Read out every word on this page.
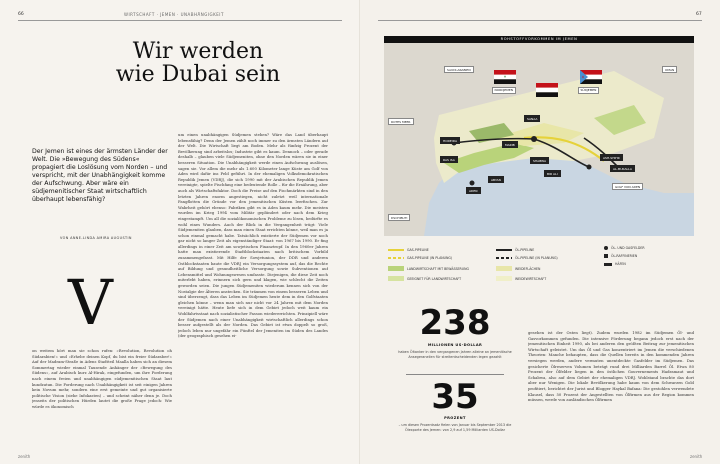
66	WIRTSCHAFT · JEMEN · UNABHÄNGIGKEIT
Wir werden
wie Dubai sein
Der Jemen ist eines der ärmsten Länder der Welt. Die »Bewegung des Südens« propagiert die Loslösung vom Norden – und verspricht, mit der Unabhängigkeit komme der Aufschwung. Aber wäre ein südjemenitischer Staat wirtschaftlich überhaupt lebensfähig?
VON ANNE-LINDA AMIRA AUGUSTIN
V
on weitem hört man sie schon rufen: »Revolution, Revolution oh Südarabien!« und »Erhebe deinen Kopf, du bist ein freier Südaraber!« Auf der Madram-Straße in Adens Stadtteil Maalla haben sich an diesem Sommertag wieder einmal Tausende Anhänger der »Bewegung des Südens«, auf Arabisch kurz Al-Hirak, eingefunden, um ihre Forderung nach einem freien und unabhängigen südjemenitischen Staat laut kundzutun. Die Forderung nach Unabhängigkeit ist seit einigen Jahren kein Novum mehr, sondern eine erst gemeinte und gut organisierte politische Vision (siehe Infokasten) – und scheint näher denn je. Doch jenseits der politischen Hürden lautet die große Frage jedoch: Wie würde es ökonomisch
um einen unabhängigen Südjemen stehen? Wäre das Land überhaupt lebensfähig? Denn der Jemen zählt noch immer zu den ärmsten Ländern auf der Welt. Die Wirtschaft liegt am Boden. Mehr als fünfzig Prozent der Bevölkerung sind arbeitslos; Industrie gibt es kaum. Dennoch – oder gerade deshalb – glauben viele Südjemeniten, ohne den Norden wären sie in einer besseren Situation. Die Unabhängigkeit werde einen Aufschwung auslösen, sagen sie. Vor allem die mehr als 1.600 Kilometer lange Küste am Golf von Aden wird dafür ins Feld geführt. In der ehemaligen Volksdemokratischen Republik Jemen (VDRJ), die sich 1990 mit der Arabischen Republik Jemen vereinigte, spielte Fischfang eine bedeutende Rolle – für die Ernährung, aber auch als Wirtschaftsfaktor. Doch die Preise auf den Fischmärkten sind in den letzten Jahren enorm angestiegen, nicht zuletzt weil internationale Fangflotten die Gründe vor den jemenitischen Küsten leerfischen. Zur Wahrheit gehört ebenso: Fabriken gibt es in Aden kaum mehr. Die meisten wurden im Krieg 1994 vom Militär geplündert oder nach dem Krieg eingestampft. Um all die sozialökonomischen Probleme zu lösen, bedürfte es wohl eines Wunders. Auch der Blick in die Vergangenheit trügt: Viele Südjemeniten glauben, dass man einen Staat errichten könne, weil man es ja schon einmal gemacht habe. Tatsächlich existierte der Südjemen vor noch gar nicht so langer Zeit als eigenständiger Staat: von 1967 bis 1990. Er fing allerdings in einer Zeit am sowjetischen Finanztropf. In den 1960er Jahren hatte man existierende Stadtblockstaaten nach britischem Vorbild zusammengefasst. Mit Hilfe der Sowjetunion, der DDR und anderen Ostblockstaaten baute die VDRJ ein Versorgungssystem auf, das die Rechte auf Bildung und gesundheitliche Versorgung sowie Subventionen auf Lebensmittel und Wohnungswesen umfasste. Diejenigen, die diese Zeit noch miterlebt haben, erinnern sich gern und klagen, wie schlecht die Zeiten geworden seien. Die jungen Südjemeniten wiederum kennen sich von der Nostalgie der Älteren anstecken. Sie träumen von einem besseren Leben und sind überzeugt, dass das Leben im Südjemen heute dem in den Golfstaaten gleichen könne – wenn man sich nur nicht vor 24 Jahren mit dem Norden vereinigt hätte. Heute liefe sich in dem Gebiet jedoch weit kaum ein Wohlfahrtsstaat nach sozialistischer Fasson wiedererrichten. Prinzipiell wäre der Südjemen nach einer Unabhängigkeit wirtschaftlich allerdings schon besser aufgestellt als der Norden. Das Gebiet ist etwa doppelt so groß, jedoch leben nur ungefähr ein Fünftel der Jemeniten im Süden des Landes (der geographisch gesehen ei-
zenith
67
ROHSTOFFVORKOMMEN IM JEMEN
SAUDI-ARABIEN	OMAN
NORDJEMEN	SÜDJEMEN
SANAA
ROTES MEER
HODEIDA
MARIB
SHABWA
BIR ALI
ASH-SHIHR
AL-MUKALLA
RAS ISA
ADEN
ABYAN
GOLF VON ADEN
DSCHIBUTI
GAS-PIPELINE
GAS-PIPELINE (IN PLANUNG)
ÖL-PIPELINE
ÖL-PIPELINE (IN PLANUNG)
ÖL- UND GASFELDER
ÖL-RAFFINERIEN
HÄFEN
LANDWIRTSCHAFT MIT BEWÄSSERUNG	WEIDEFLÄCHEN
GEEIGNET FÜR LANDWIRTSCHAFT	WEIDEWIRTSCHAFT
238
MILLIONEN US-DOLLAR
haben Öltanker in den vergangenen Jahren alleine an jemenitische Ansegeraneilen für streitentscheidenden legen gezahlt
35
PROZENT
– um diesen Prozentsatz fielen von Januar bis September 2013 die Ölexporte des Jemen: von 2,9 auf 1,59 Milliarden US-Dollar
gesehen ist der Osten liegt). Zudem wurden 1982 im Südjemen Öl- und Gasvorkommen gefunden. Die intensive Förderung begann jedoch erst nach der jemenitischen Einheit 1990, als bei anderen den größten Beitrag zur jemenitischen Wirtschaft geleistet. Um das Öl und Gas konzentriert im Jemen die verschiedenen Theorien: Manche behaupten, dass die Quellen bereits in den kommenden Jahren versiegen werden, andere vermuten unentdeckte Gasfelder im Südjemen. Das gesicherte Ölreserven Volumen beträgt rund drei Milliarden Barrel Öl. Etwa 80 Prozent der Ölfelder liegen in den östlichen Gouvernements Hadramaut und Schabwa, also auf dem Gebiet der ehemaligen VDRJ. Wohlstand brachte das dort aber nur Wenigen. Die lokale Bevölkerung habe kaum von dem Schwarzen Gold profitiert, berichtet der Jurist und Blogger Haykal Bafana: Die gestohlen verwendete Klausel, dass 50 Prozent der Angestellten von Ölfirmen aus der Region kommen müssen, werde von ausländischen Ölfirmen
zenith
